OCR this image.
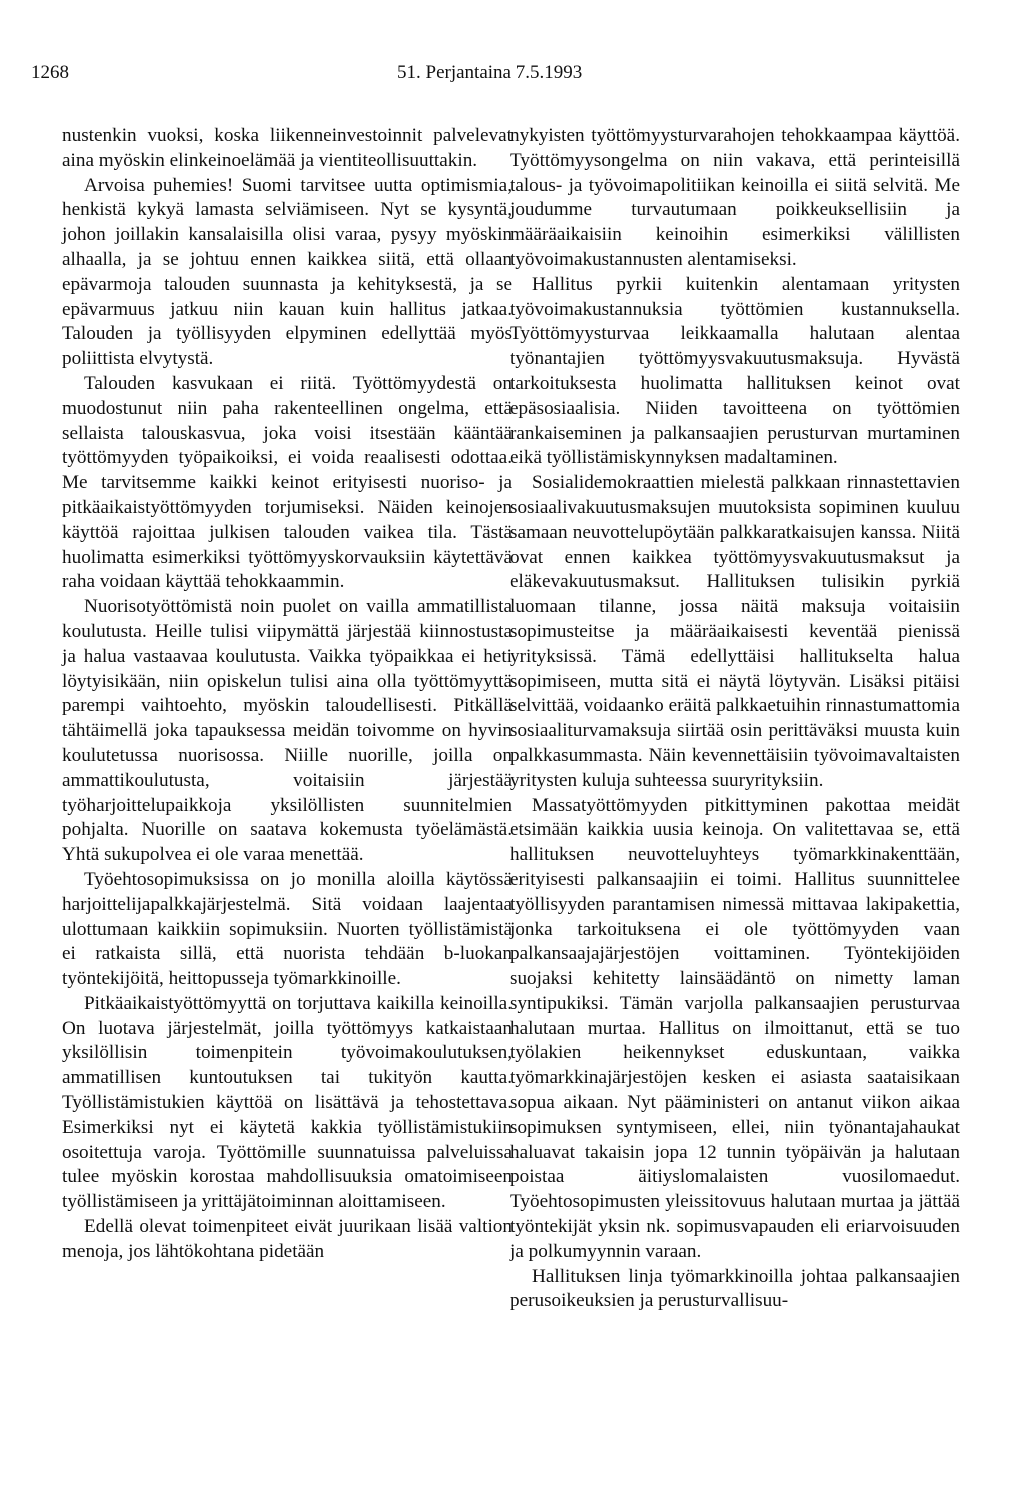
1268	51. Perjantaina 7.5.1993

nustenkin vuoksi, koska liikenneinvestoinnit palvelevat aina myöskin elinkeinoelämää ja vientiteollisuuttakin.

Arvoisa puhemies! Suomi tarvitsee uutta optimismia, henkistä kykyä lamasta selviämiseen. Nyt se kysyntä, johon joillakin kansalaisilla olisi varaa, pysyy myöskin alhaalla, ja se johtuu ennen kaikkea siitä, että ollaan epävarmoja talouden suunnasta ja kehityksestä, ja se epävarmuus jatkuu niin kauan kuin hallitus jatkaa. Talouden ja työllisyyden elpyminen edellyttää myös poliittista elvytystä.

Talouden kasvukaan ei riitä. Työttömyydestä on muodostunut niin paha rakenteellinen ongelma, että sellaista talouskasvua, joka voisi itsestään kääntää työttömyyden työpaikoiksi, ei voida reaalisesti odottaa. Me tarvitsemme kaikki keinot erityisesti nuoriso- ja pitkäaikaistyöttömyyden torjumiseksi. Näiden keinojen käyttöä rajoittaa julkisen talouden vaikea tila. Tästä huolimatta esimerkiksi työttömyyskorvauksiin käytettävä raha voidaan käyttää tehokkaammin.

Nuorisotyöttömistä noin puolet on vailla ammatillista koulutusta. Heille tulisi viipymättä järjestää kiinnostusta ja halua vastaavaa koulutusta. Vaikka työpaikkaa ei heti löytyisikään, niin opiskelun tulisi aina olla työttömyyttä parempi vaihtoehto, myöskin taloudellisesti. Pitkällä tähtäimellä joka tapauksessa meidän toivomme on hyvin koulutetussa nuorisossa. Niille nuorille, joilla on ammattikoulutusta, voitaisiin järjestää työharjoittelupaikkoja yksilöllisten suunnitelmien pohjalta. Nuorille on saatava kokemusta työelämästä. Yhtä sukupolvea ei ole varaa menettää.

Työehtosopimuksissa on jo monilla aloilla käytössä harjoittelijapalkkajärjestelmä. Sitä voidaan laajentaa ulottumaan kaikkiin sopimuksiin. Nuorten työllistämistä ei ratkaista sillä, että nuorista tehdään b-luokan työntekijöitä, heittopusseja työmarkkinoille.

Pitkäaikaistyöttömyyttä on torjuttava kaikilla keinoilla. On luotava järjestelmät, joilla työttömyys katkaistaan yksilöllisin toimenpitein työvoimakoulutuksen, ammatillisen kuntoutuksen tai tukityön kautta. Työllistämistukien käyttöä on lisättävä ja tehostettava. Esimerkiksi nyt ei käytetä kakkia työllistämistukiin osoitettuja varoja. Työttömille suunnatuissa palveluissa tulee myöskin korostaa mahdollisuuksia omatoimiseen työllistämiseen ja yrittäjätoiminnan aloittamiseen.

Edellä olevat toimenpiteet eivät juurikaan lisää valtion menoja, jos lähtökohtana pidetään

nykyisten työttömyysturvarahojen tehokkaampaa käyttöä. Työttömyysongelma on niin vakava, että perinteisillä talous- ja työvoimapolitiikan keinoilla ei siitä selvitä. Me joudumme turvautumaan poikkeuksellisiin ja määräaikaisiin keinoihin esimerkiksi välillisten työvoimakustannusten alentamiseksi.

Hallitus pyrkii kuitenkin alentamaan yritysten työvoimakustannuksia työttömien kustannuksella. Työttömyysturvaa leikkaamalla halutaan alentaa työnantajien työttömyysvakuutusmaksuja. Hyvästä tarkoituksesta huolimatta hallituksen keinot ovat epäsosiaalisia. Niiden tavoitteena on työttömien rankaiseminen ja palkansaajien perusturvan murtaminen eikä työllistämiskynnyksen madaltaminen.

Sosialidemokraattien mielestä palkkaan rinnastettavien sosiaalivakuutusmaksujen muutoksista sopiminen kuuluu samaan neuvottelupöytään palkkaratkaisujen kanssa. Niitä ovat ennen kaikkea työttömyysvakuutusmaksut ja eläkevakuutusmaksut. Hallituksen tulisikin pyrkiä luomaan tilanne, jossa näitä maksuja voitaisiin sopimusteitse ja määräaikaisesti keventää pienissä yrityksissä. Tämä edellyttäisi hallitukselta halua sopimiseen, mutta sitä ei näytä löytyvän. Lisäksi pitäisi selvittää, voidaanko eräitä palkkaetuihin rinnastumattomia sosiaaliturvamaksuja siirtää osin perittäväksi muusta kuin palkkasummasta. Näin kevennettäisiin työvoimavaltaisten yritysten kuluja suhteessa suuryrityksiin.

Massatyöttömyyden pitkittyminen pakottaa meidät etsimään kaikkia uusia keinoja. On valitettavaa se, että hallituksen neuvotteluyhteys työmarkkinakenttään, erityisesti palkansaajiin ei toimi. Hallitus suunnittelee työllisyyden parantamisen nimessä mittavaa lakipakettia, jonka tarkoituksena ei ole työttömyyden vaan palkansaajajärjestöjen voittaminen. Työntekijöiden suojaksi kehitetty lainsäädäntö on nimetty laman syntipukiksi. Tämän varjolla palkansaajien perusturvaa halutaan murtaa. Hallitus on ilmoittanut, että se tuo työlakien heikennykset eduskuntaan, vaikka työmarkkinajärjestöjen kesken ei asiasta saataisikaan sopua aikaan. Nyt pääministeri on antanut viikon aikaa sopimuksen syntymiseen, ellei, niin työnantajahaukat haluavat takaisin jopa 12 tunnin työpäivän ja halutaan poistaa äitiyslomalaisten vuosilomaedut. Työehtosopimusten yleissitovuus halutaan murtaa ja jättää työntekijät yksin nk. sopimusvapauden eli eriarvoisuuden ja polkumyynnin varaan.

Hallituksen linja työmarkkinoilla johtaa palkansaajien perusoikeuksien ja perusturvallisuu-
